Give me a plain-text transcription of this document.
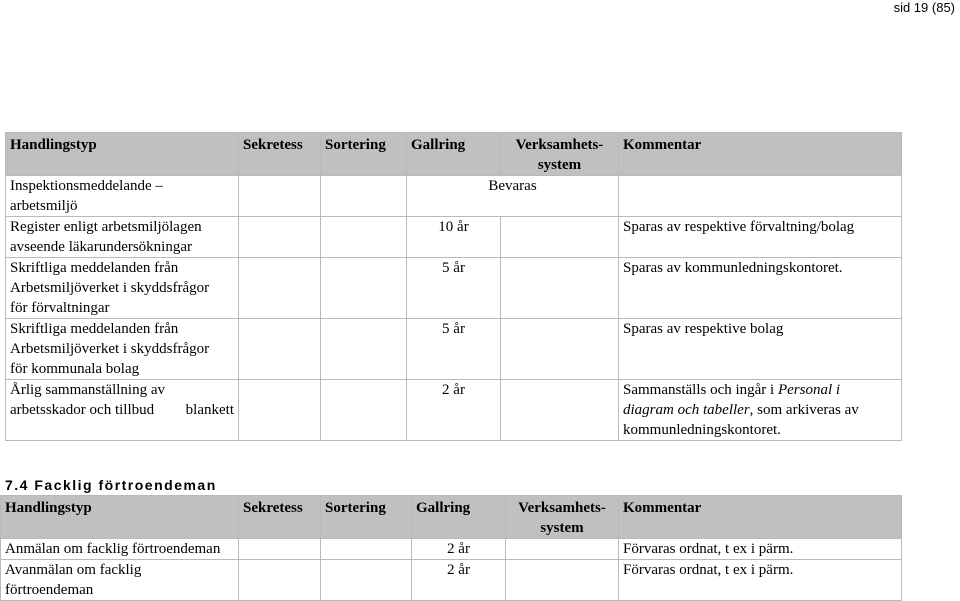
sid 19 (85)
Handlingstyp	Sekretess	Sortering	Gallring	Verksamhets-
system	Kommentar
Inspektionsmeddelande –
arbetsmiljö			Bevaras		
Register enligt arbetsmiljölagen
avseende läkarundersökningar			10 år		Sparas av respektive förvaltning/bolag
Skriftliga meddelanden från
Arbetsmiljöverket i skyddsfrågor
för förvaltningar			5 år		Sparas av kommunledningskontoret.
Skriftliga meddelanden från
Arbetsmiljöverket i skyddsfrågor
för kommunala bolag			5 år		Sparas av respektive bolag
Årlig sammanställning av
arbetsskador och tillbud blankett			2 år		Sammanställs och ingår i Personal i
diagram och tabeller, som arkiveras av
kommunledningskontoret.
7.4 Facklig förtroendeman
Handlingstyp	Sekretess	Sortering	Gallring	Verksamhets-
system	Kommentar
Anmälan om facklig förtroendeman			2 år		Förvaras ordnat, t ex i pärm.
Avanmälan om facklig
förtroendeman			2 år		Förvaras ordnat, t ex i pärm.
